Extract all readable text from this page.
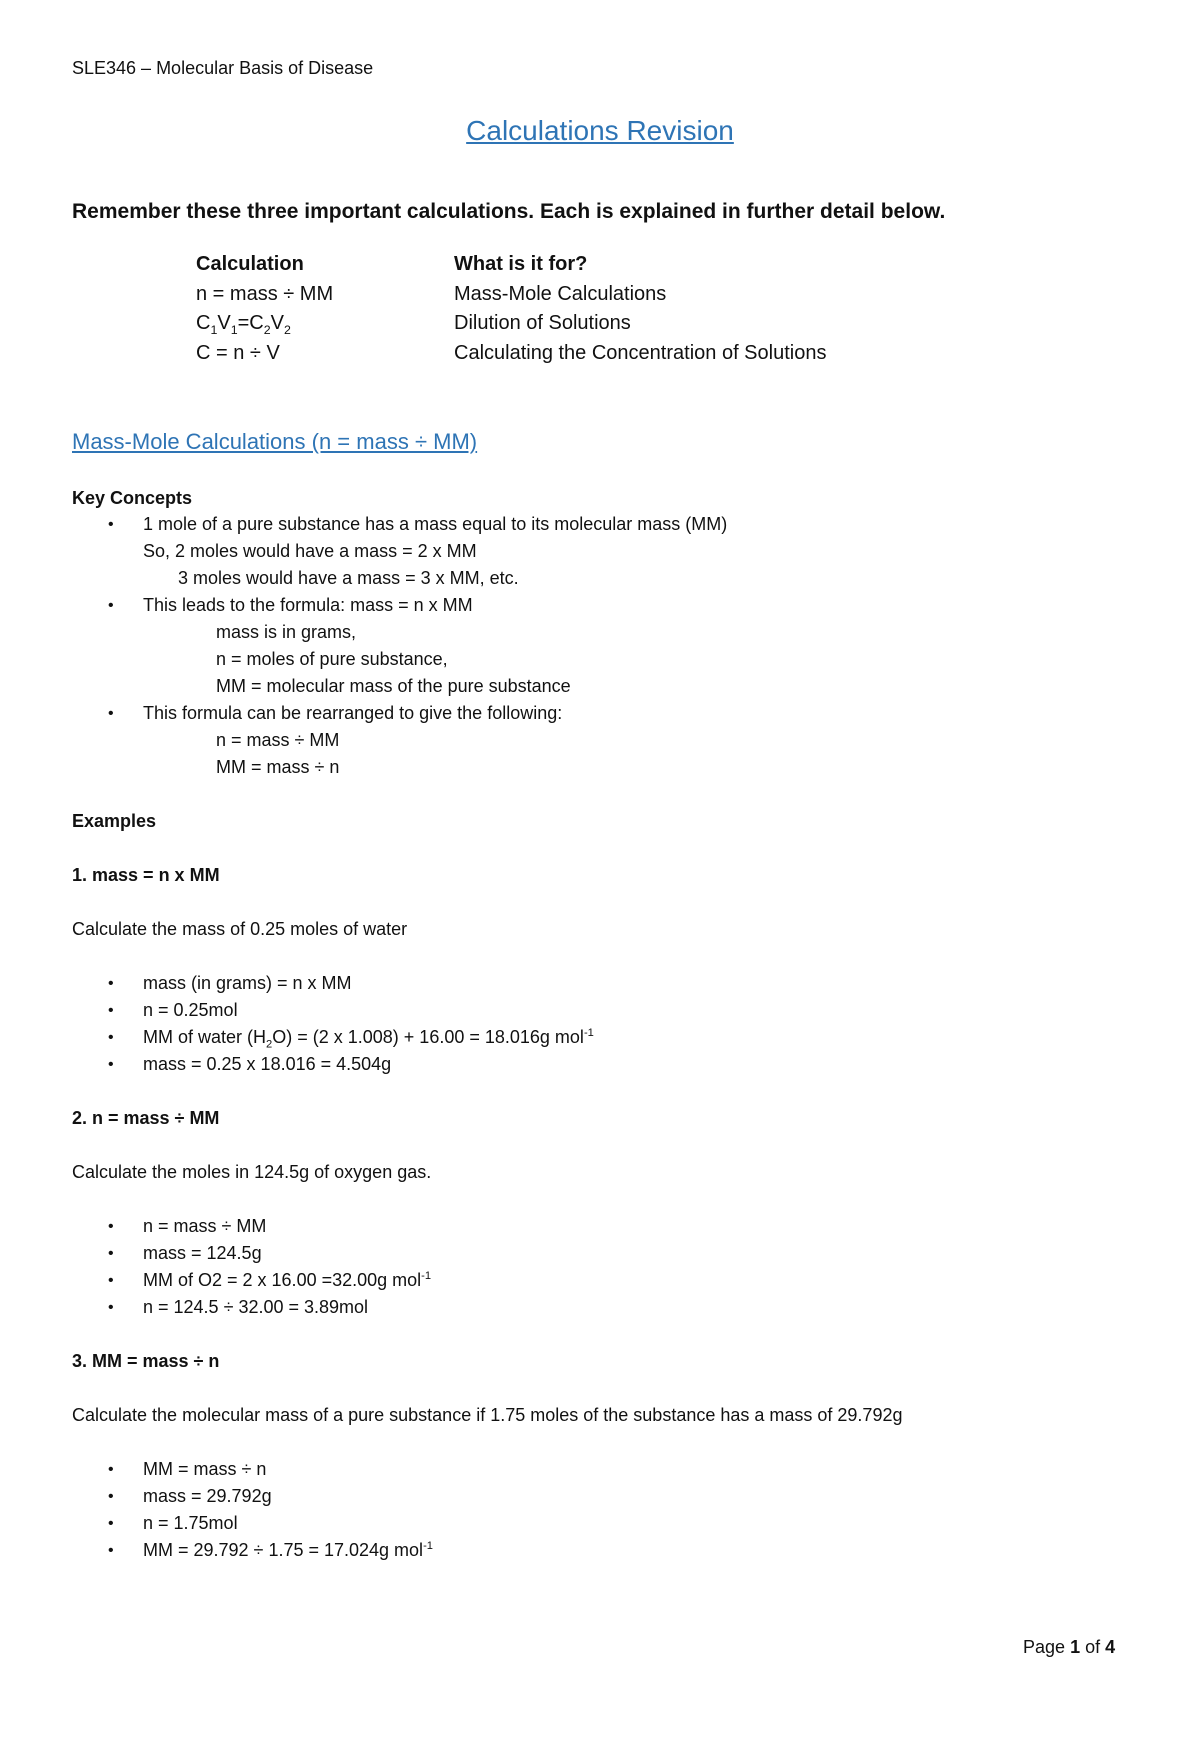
SLE346 – Molecular Basis of Disease
Calculations Revision
Remember these three important calculations. Each is explained in further detail below.
Calculation	What is it for?
n = mass ÷ MM	Mass-Mole Calculations
$C_1V_1=C_2V_2$	Dilution of Solutions
C = n ÷ V	Calculating the Concentration of Solutions
Mass-Mole Calculations (n = mass ÷ MM)
Key Concepts
• 1 mole of a pure substance has a mass equal to its molecular mass (MM)
So, 2 moles would have a mass = 2 x MM
3 moles would have a mass = 3 x MM, etc.
• This leads to the formula: mass = n x MM
mass is in grams,
n = moles of pure substance,
MM = molecular mass of the pure substance
• This formula can be rearranged to give the following:
n = mass ÷ MM
MM = mass ÷ n
Examples
1. mass = n x MM
Calculate the mass of 0.25 moles of water
• mass (in grams) = n x MM
• n = 0.25mol
• MM of water $(H_2O) = (2$ x 1.008) + 16.00 = 18.016g mol$^{-1}$
• mass = 0.25 x 18.016 = 4.504g
2. n = mass ÷ MM
Calculate the moles in 124.5g of oxygen gas.
• n = mass ÷ MM
• mass = 124.5g
• MM of O2 = 2 x 16.00 =32.00g mol$^{-1}$
• n = 124.5 ÷ 32.00 = 3.89mol
3. MM = mass ÷ n
Calculate the molecular mass of a pure substance if 1.75 moles of the substance has a mass of 29.792g
• MM = mass ÷ n
• mass = 29.792g
• n = 1.75mol
• MM = 29.792 ÷ 1.75 = 17.024g mol$^{-1}$
Page 1 of 4
